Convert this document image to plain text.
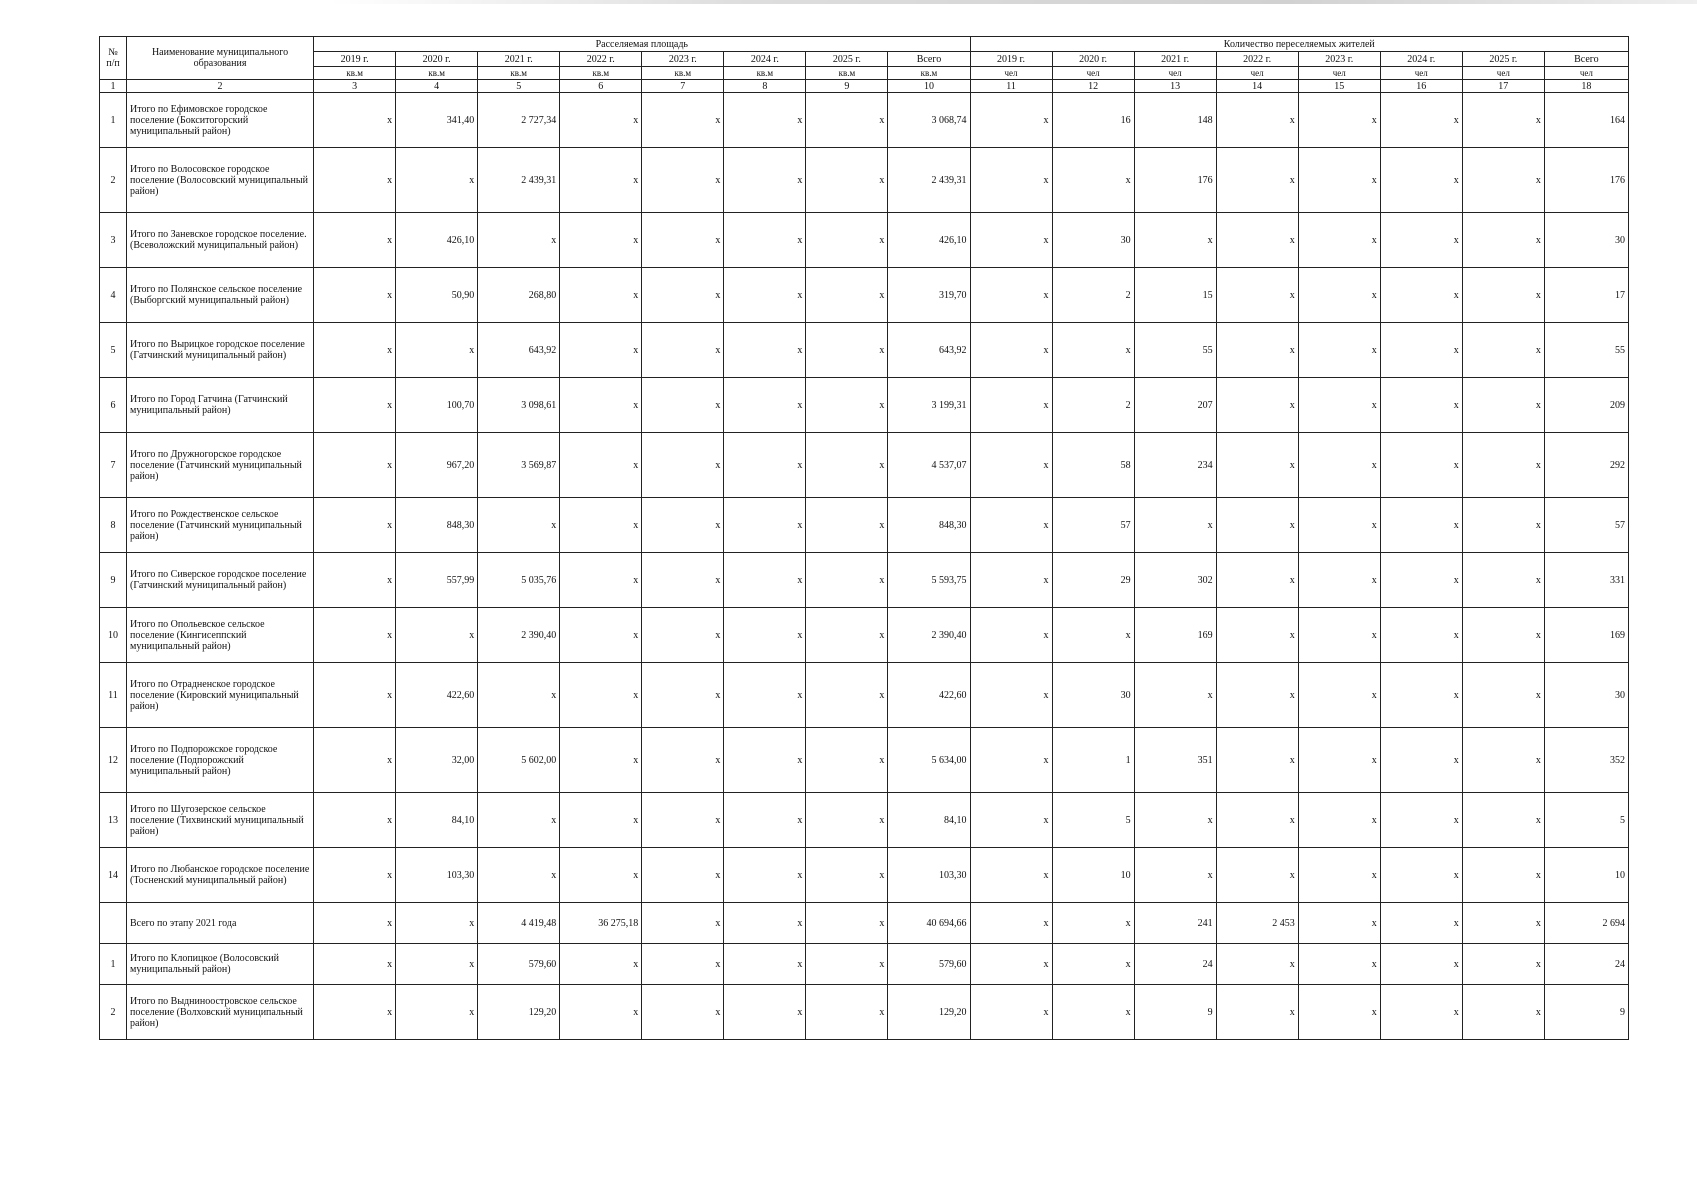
№ п/п	Наименование муниципального образования	Расселяемая площадь								Количество переселяемых жителей							
		2019 г.	2020 г.	2021 г.	2022 г.	2023 г.	2024 г.	2025 г.	Всего	2019 г.	2020 г.	2021 г.	2022 г.	2023 г.	2024 г.	2025 г.	Всего
		кв.м	кв.м	кв.м	кв.м	кв.м	кв.м	кв.м	кв.м	чел	чел	чел	чел	чел	чел	чел	чел
1	2	3	4	5	6	7	8	9	10	11	12	13	14	15	16	17	18
1	Итого по Ефимовское городское поселение (Бокситогорский муниципальный район)	x	341,40	2 727,34	x	x	x	x	3 068,74	x	16	148	x	x	x	x	164
2	Итого по Волосовское городское поселение (Волосовский муниципальный район)	x	x	2 439,31	x	x	x	x	2 439,31	x	x	176	x	x	x	x	176
3	Итого по Заневское городское поселение. (Всеволожский муниципальный район)	x	426,10	x	x	x	x	x	426,10	x	30	x	x	x	x	x	30
4	Итого по Полянское сельское поселение (Выборгский муниципальный район)	x	50,90	268,80	x	x	x	x	319,70	x	2	15	x	x	x	x	17
5	Итого по Вырицкое городское поселение (Гатчинский муниципальный район)	x	x	643,92	x	x	x	x	643,92	x	x	55	x	x	x	x	55
6	Итого по Город Гатчина (Гатчинский муниципальный район)	x	100,70	3 098,61	x	x	x	x	3 199,31	x	2	207	x	x	x	x	209
7	Итого по Дружногорское городское поселение (Гатчинский муниципальный район)	x	967,20	3 569,87	x	x	x	x	4 537,07	x	58	234	x	x	x	x	292
8	Итого по Рождественское сельское поселение (Гатчинский муниципальный район)	x	848,30	x	x	x	x	x	848,30	x	57	x	x	x	x	x	57
9	Итого по Сиверское городское поселение (Гатчинский муниципальный район)	x	557,99	5 035,76	x	x	x	x	5 593,75	x	29	302	x	x	x	x	331
10	Итого по Опольевское сельское поселение (Кингисеппский муниципальный район)	x	x	2 390,40	x	x	x	x	2 390,40	x	x	169	x	x	x	x	169
11	Итого по Отрадненское городское поселение (Кировский муниципальный район)	x	422,60	x	x	x	x	x	422,60	x	30	x	x	x	x	x	30
12	Итого по Подпорожское городское поселение (Подпорожский муниципальный район)	x	32,00	5 602,00	x	x	x	x	5 634,00	x	1	351	x	x	x	x	352
13	Итого по Шугозерское сельское поселение (Тихвинский муниципальный район)	x	84,10	x	x	x	x	x	84,10	x	5	x	x	x	x	x	5
14	Итого по Любанское городское поселение (Тосненский муниципальный район)	x	103,30	x	x	x	x	x	103,30	x	10	x	x	x	x	x	10
	Всего по этапу 2021 года	x	x	4 419,48	36 275,18	x	x	x	40 694,66	x	x	241	2 453	x	x	x	2 694
1	Итого по Клопицкое (Волосовский муниципальный район)	x	x	579,60	x	x	x	x	579,60	x	x	24	x	x	x	x	24
2	Итого по Выдниноостровское сельское поселение (Волховский муниципальный район)	x	x	129,20	x	x	x	x	129,20	x	x	9	x	x	x	x	9
